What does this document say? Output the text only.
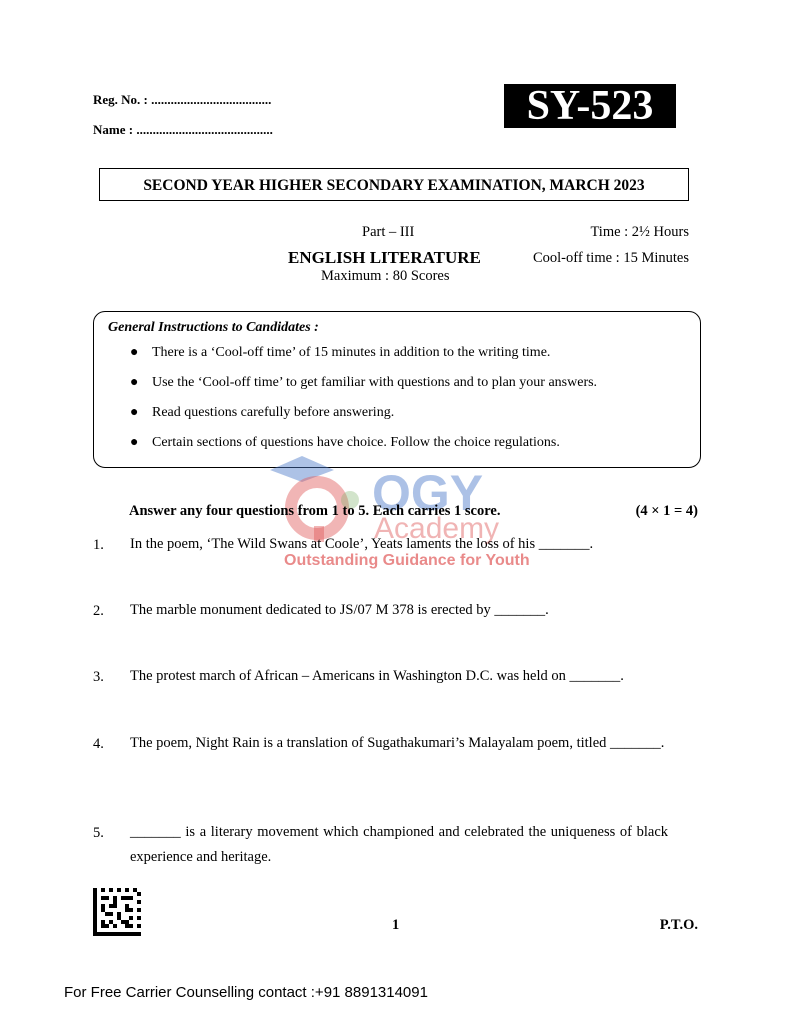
Reg. No. : .....................................
Name : ..........................................
SY-523
SECOND YEAR HIGHER SECONDARY EXAMINATION, MARCH 2023
Part – III	Time : 2½ Hours
ENGLISH LITERATURE	Cool-off time : 15 Minutes
Maximum : 80 Scores
General Instructions to Candidates :
● There is a ‘Cool-off time’ of 15 minutes in addition to the writing time.
● Use the ‘Cool-off time’ to get familiar with questions and to plan your answers.
● Read questions carefully before answering.
● Certain sections of questions have choice. Follow the choice regulations.
OGY
Academy
Outstanding Guidance for Youth
Answer any four questions from 1 to 5. Each carries 1 score.	(4 × 1 = 4)
1. In the poem, ‘The Wild Swans at Coole’, Yeats laments the loss of his _______.
2. The marble monument dedicated to JS/07 M 378 is erected by _______.
3. The protest march of African – Americans in Washington D.C. was held on _______.
4. The poem, Night Rain is a translation of Sugathakumari’s Malayalam poem, titled _______.
5. _______ is a literary movement which championed and celebrated the uniqueness of black experience and heritage.
1	P.T.O.
For Free Carrier Counselling contact :+91 8891314091
